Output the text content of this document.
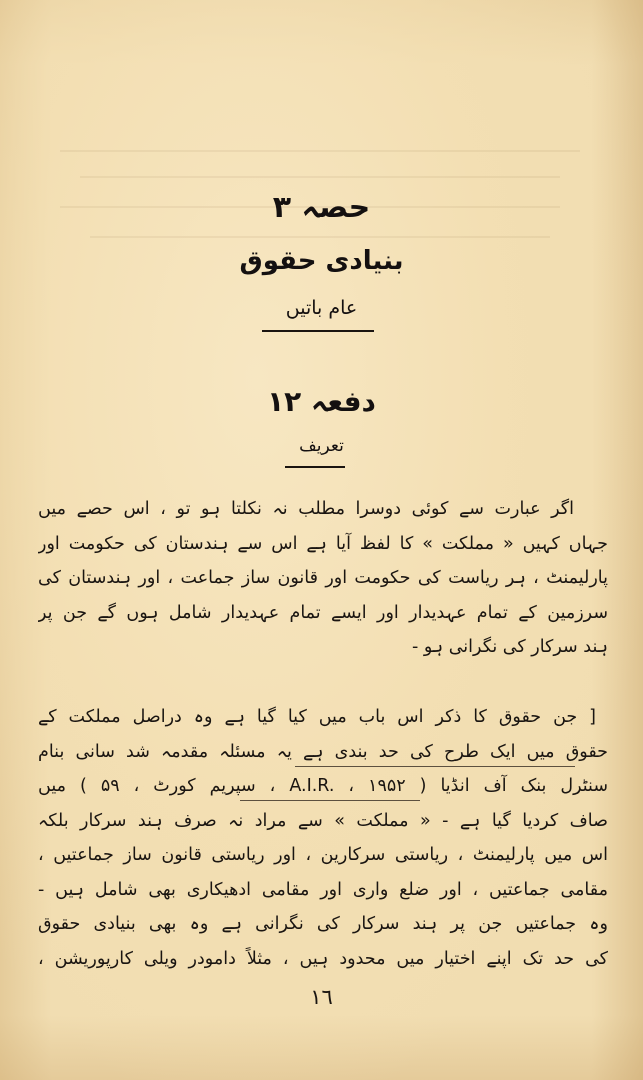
حصہ ۳
بنیادی حقوق
عام باتیں
دفعہ ۱۲
تعریف
اگر عبارت سے کوئی دوسرا مطلب نہ نکلتا ہو تو ، اس حصے میں
جہاں کہیں « مملکت » کا لفظ آیا ہے اس سے ہندستان کی حکومت اور
پارلیمنٹ ، ہر ریاست کی حکومت اور قانون ساز جماعت ، اور ہندستان کی
سرزمین کے تمام عہدیدار اور ایسے تمام عہدیدار شامل ہوں گے جن پر
ہند سرکار کی نگرانی ہو -
[ جن حقوق کا ذکر اس باب میں کیا گیا ہے وہ دراصل مملکت کے
حقوق میں ایک طرح کی حد بندی ہے یہ مسئلہ مقدمہ شد سانی بنام
سنٹرل بنک آف انڈیا ( A.I.R. ، ۱۹۵۲ ، سپریم کورٹ ، ۵۹ ) میں
صاف کردیا گیا ہے - « مملکت » سے مراد نہ صرف ہند سرکار بلکہ
اس میں پارلیمنٹ ، ریاستی سرکارین ، اور ریاستی قانون ساز جماعتیں ،
مقامی جماعتیں ، اور ضلع واری اور مقامی ادھیکاری بھی شامل ہیں -
وہ جماعتیں جن پر ہند سرکار کی نگرانی ہے وہ بھی بنیادی حقوق
کی حد تک اپنے اختیار میں محدود ہیں ، مثلاً دامودر ویلی کارپوریشن ،
۱٦
